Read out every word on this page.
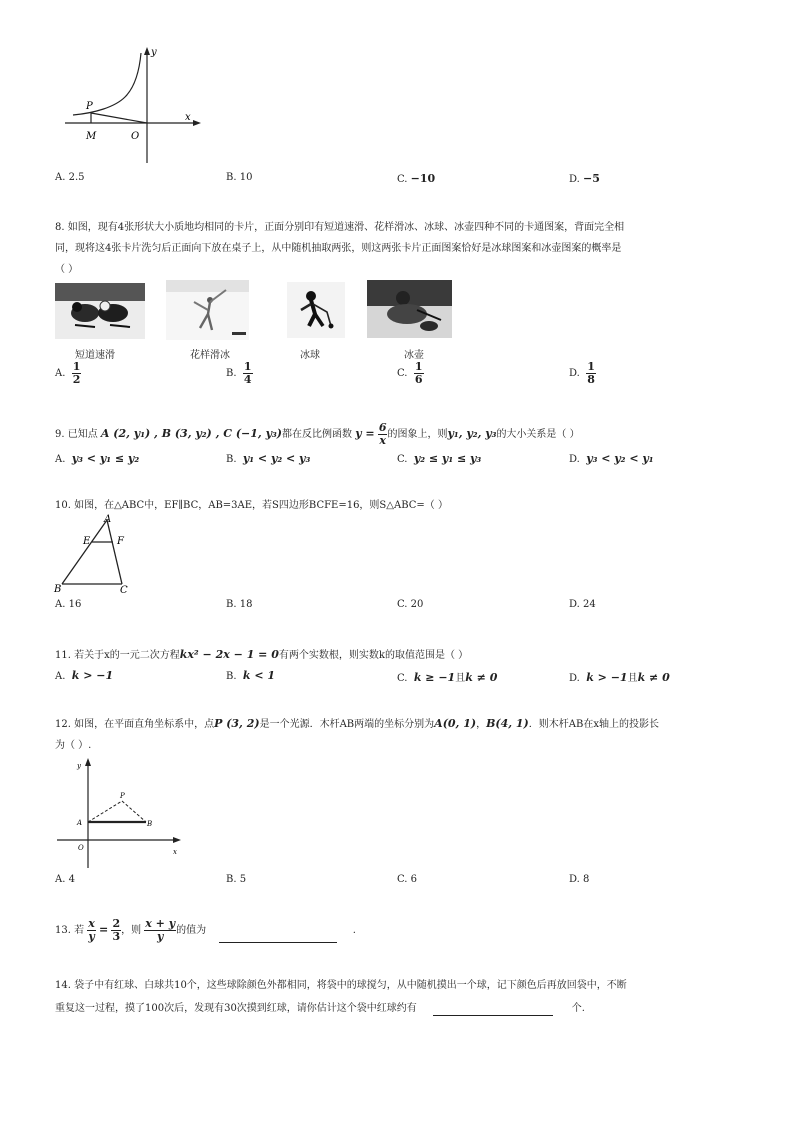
y
x
P
M	O
A. 2.5	B. 10	C. −10	D. −5
8. 如图，现有4张形状大小质地均相同的卡片，正面分别印有短道速滑、花样滑冰、冰球、冰壶四种不同的卡通图案，背面完全相
同，现将这4张卡片洗匀后正面向下放在桌子上，从中随机抽取两张，则这两张卡片正面图案恰好是冰球图案和冰壶图案的概率是
（ ）
短道速滑	花样滑冰	冰球	冰壶
A. $\frac{1}{2}$	B. $\frac{1}{4}$	C. $\frac{1}{6}$	D. $\frac{1}{8}$
9. 已知点 A (2, y₁) , B (3, y₂) , C (−1, y₃)都在反比例函数 $y = \frac{6}{x}$ 的图象上，则y₁, y₂, y₃的大小关系是（ ）
A. y₃ < y₁ ≤ y₂	B. y₁ < y₂ < y₃	C. y₂ ≤ y₁ ≤ y₃	D. y₃ < y₂ < y₁
10. 如图，在△ABC中，EF∥BC，AB=3AE，若S四边形BCFE=16，则S△ABC=（ ）
A
E	F
B	C
A. 16	B. 18	C. 20	D. 24
11. 若关于x的一元二次方程kx² − 2x − 1 = 0有两个实数根，则实数k的取值范围是（ ）
A. k > −1	B. k < 1	C. k ≥ −1且k ≠ 0	D. k > −1且k ≠ 0
12. 如图，在平面直角坐标系中，点P (3, 2)是一个光源．木杆AB两端的坐标分别为A(0, 1)，B(4, 1)．则木杆AB在x轴上的投影长
为（ ）.
y
P
A	B
O	x
A. 4	B. 5	C. 6	D. 8
13. 若 $\frac{x}{y} = \frac{2}{3}$ ，则 $\frac{x + y}{y}$ 的值为	.
14. 袋子中有红球、白球共10个，这些球除颜色外都相同，将袋中的球搅匀，从中随机摸出一个球，记下颜色后再放回袋中，不断
重复这一过程，摸了100次后，发现有30次摸到红球，请你估计这个袋中红球约有	个.
